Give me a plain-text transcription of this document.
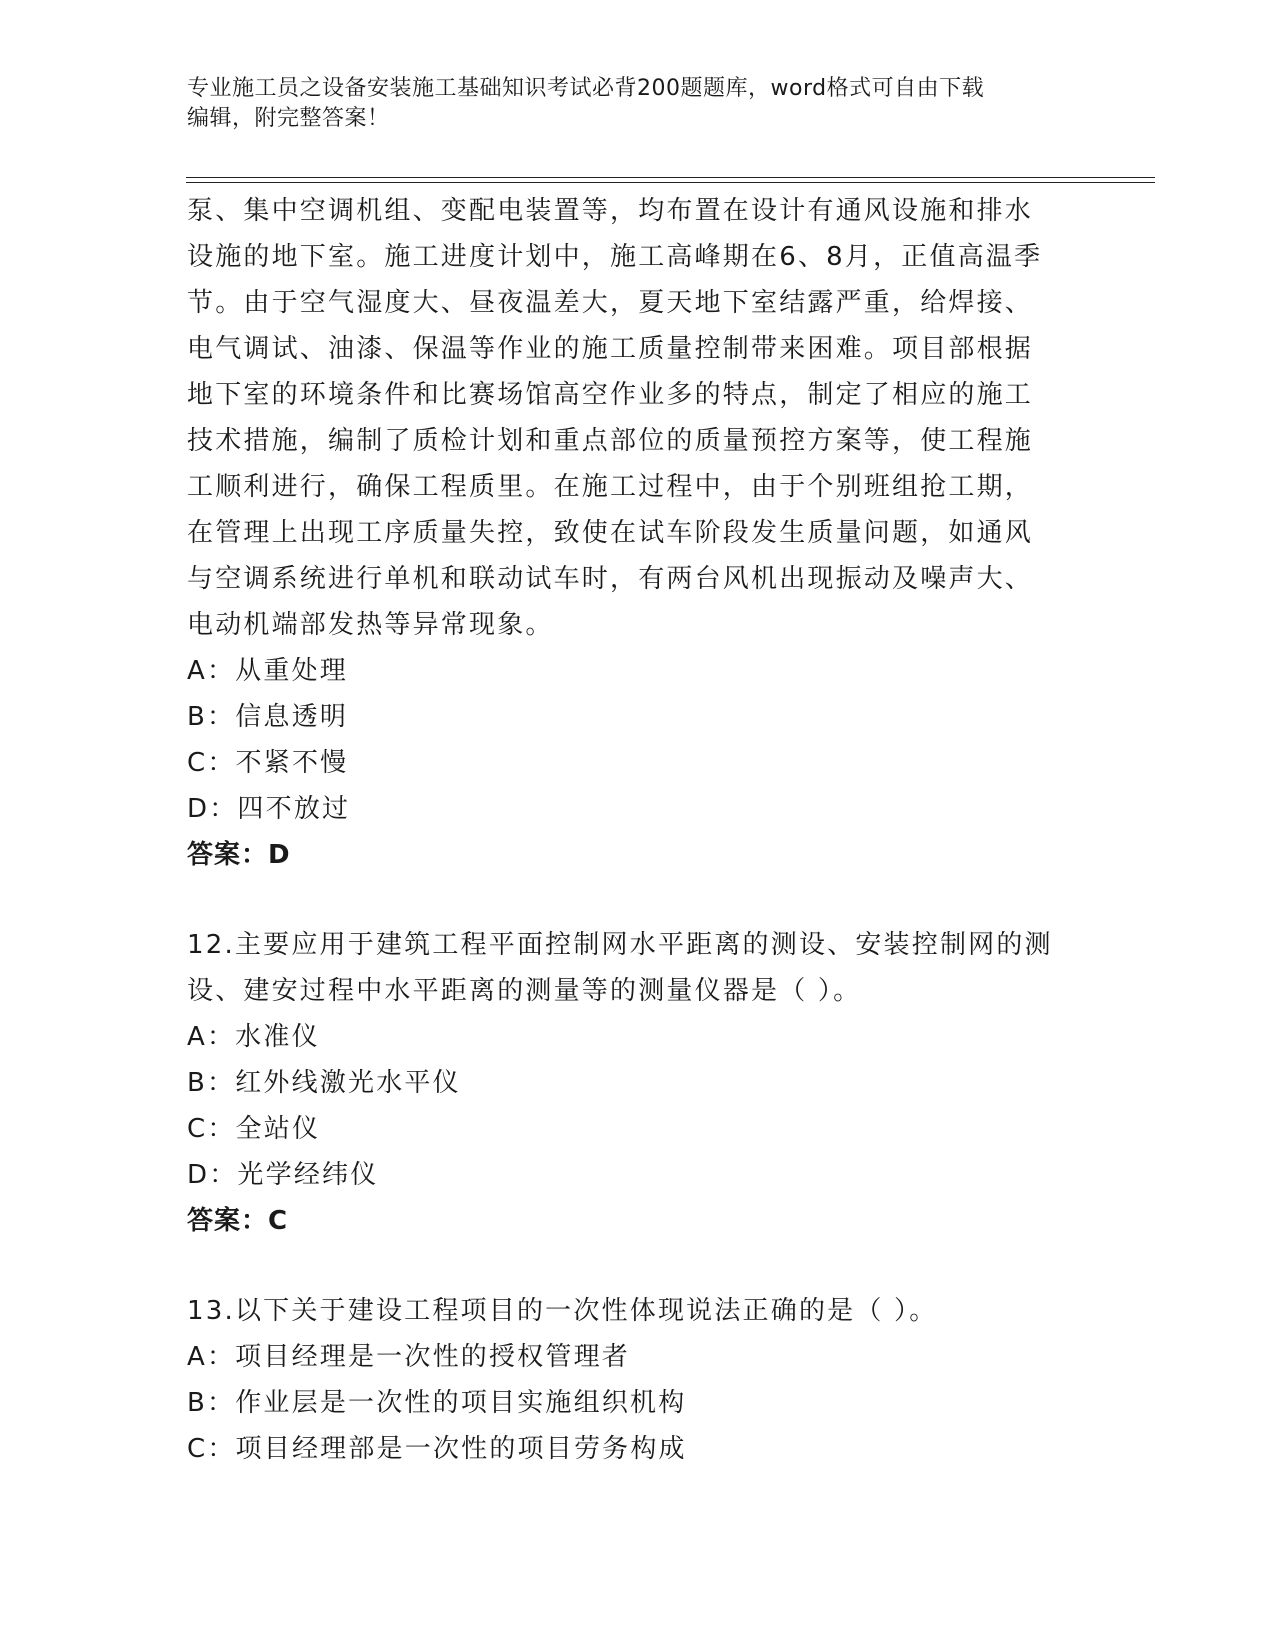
专业施工员之设备安装施工基础知识考试必背200题题库，word格式可自由下载
编辑，附完整答案！
泵、集中空调机组、变配电装置等，均布置在设计有通风设施和排水
设施的地下室。施工进度计划中，施工高峰期在6、8月，正值高温季
节。由于空气湿度大、昼夜温差大，夏天地下室结露严重，给焊接、
电气调试、油漆、保温等作业的施工质量控制带来困难。项目部根据
地下室的环境条件和比赛场馆高空作业多的特点，制定了相应的施工
技术措施，编制了质检计划和重点部位的质量预控方案等，使工程施
工顺利进行，确保工程质里。在施工过程中，由于个别班组抢工期，
在管理上出现工序质量失控，致使在试车阶段发生质量问题，如通风
与空调系统进行单机和联动试车时，有两台风机出现振动及噪声大、
电动机端部发热等异常现象。
A：从重处理
B：信息透明
C：不紧不慢
D：四不放过
答案：D
12.主要应用于建筑工程平面控制网水平距离的测设、安装控制网的测
设、建安过程中水平距离的测量等的测量仪器是（ ）。
A：水准仪
B：红外线激光水平仪
C：全站仪
D：光学经纬仪
答案：C
13.以下关于建设工程项目的一次性体现说法正确的是（ ）。
A：项目经理是一次性的授权管理者
B：作业层是一次性的项目实施组织机构
C：项目经理部是一次性的项目劳务构成
